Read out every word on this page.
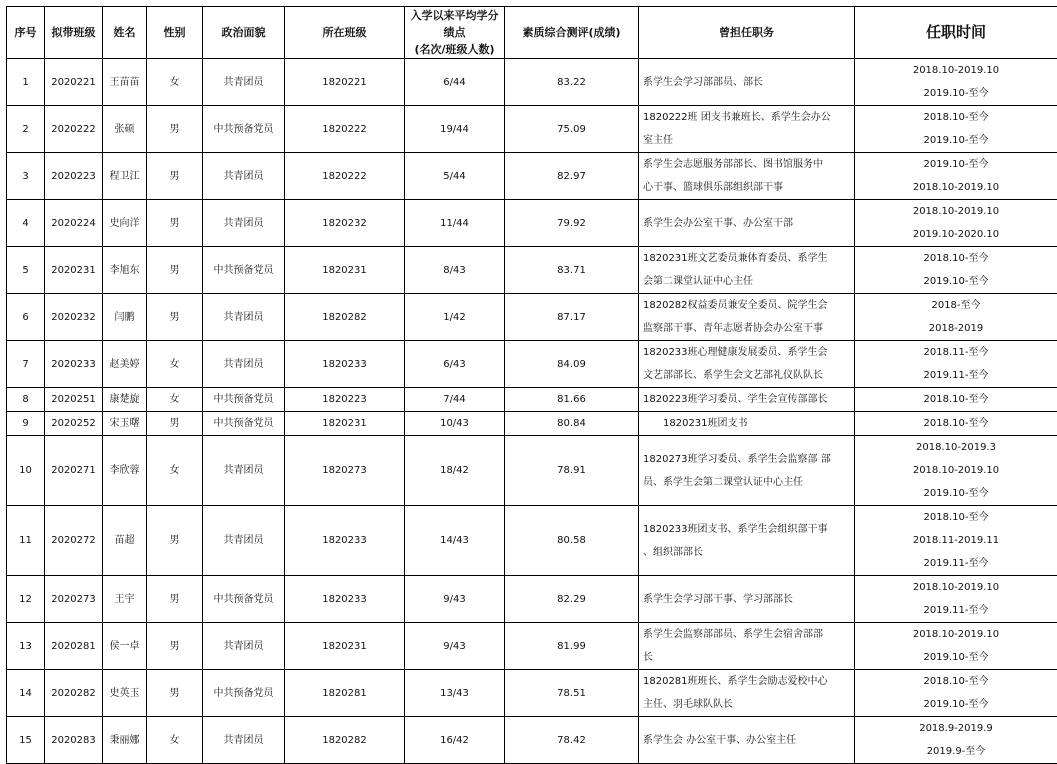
序号	拟带班级	姓名	性别	政治面貌	所在班级	入学以来平均学分绩点
(名次/班级人数)	素质综合测评(成绩)	曾担任职务	任职时间
1	2020221	王苗苗	女	共青团员	1820221	6/44	83.22	系学生会学习部部员、部长	2018.10-2019.10
2019.10-至今

2	2020222	张硕	男	中共预备党员	1820222	19/44	75.09	1820222班 团支书兼班长、系学生会办公
室主任	2018.10-至今
2019.10-至今

3	2020223	程卫江	男	共青团员	1820222	5/44	82.97	系学生会志愿服务部部长、图书馆服务中
心干事、篮球俱乐部组织部干事	2019.10-至今
2018.10-2019.10

4	2020224	史向洋	男	共青团员	1820232	11/44	79.92	系学生会办公室干事、办公室干部	2018.10-2019.10
2019.10-2020.10

5	2020231	李旭东	男	中共预备党员	1820231	8/43	83.71	1820231班文艺委员兼体育委员、系学生
会第二课堂认证中心主任	2018.10-至今
2019.10-至今

6	2020232	闫鹏	男	共青团员	1820282	1/42	87.17	1820282权益委员兼安全委员、院学生会
监察部干事、青年志愿者协会办公室干事	2018-至今
2018-2019

7	2020233	赵美婷	女	共青团员	1820233	6/43	84.09	1820233班心理健康发展委员、系学生会
文艺部部长、系学生会文艺部礼仪队队长	2018.11-至今
2019.11-至今

8	2020251	康楚旋	女	中共预备党员	1820223	7/44	81.66	1820223班学习委员、学生会宣传部部长	2018.10-至今

9	2020252	宋玉曙	男	中共预备党员	1820231	10/43	80.84	1820231班团支书	2018.10-至今

10	2020271	李欣蓉	女	共青团员	1820273	18/42	78.91	1820273班学习委员、系学生会监察部 部
员、系学生会第二课堂认证中心主任	2018.10-2019.3
2018.10-2019.10
2019.10-至今

11	2020272	苗超	男	共青团员	1820233	14/43	80.58	1820233班团支书、系学生会组织部干事
、组织部部长	2018.10-至今
2018.11-2019.11
2019.11-至今

12	2020273	王宇	男	中共预备党员	1820233	9/43	82.29	系学生会学习部干事、学习部部长	2018.10-2019.10
2019.11-至今

13	2020281	侯一卓	男	共青团员	1820231	9/43	81.99	系学生会监察部部员、系学生会宿舍部部
长	2018.10-2019.10
2019.10-至今

14	2020282	史英玉	男	中共预备党员	1820281	13/43	78.51	1820281班班长、系学生会励志爱校中心
主任、羽毛球队队长	2018.10-至今
2019.10-至今

15	2020283	秉丽娜	女	共青团员	1820282	16/42	78.42	系学生会 办公室干事、办公室主任	2018.9-2019.9
2019.9-至今
